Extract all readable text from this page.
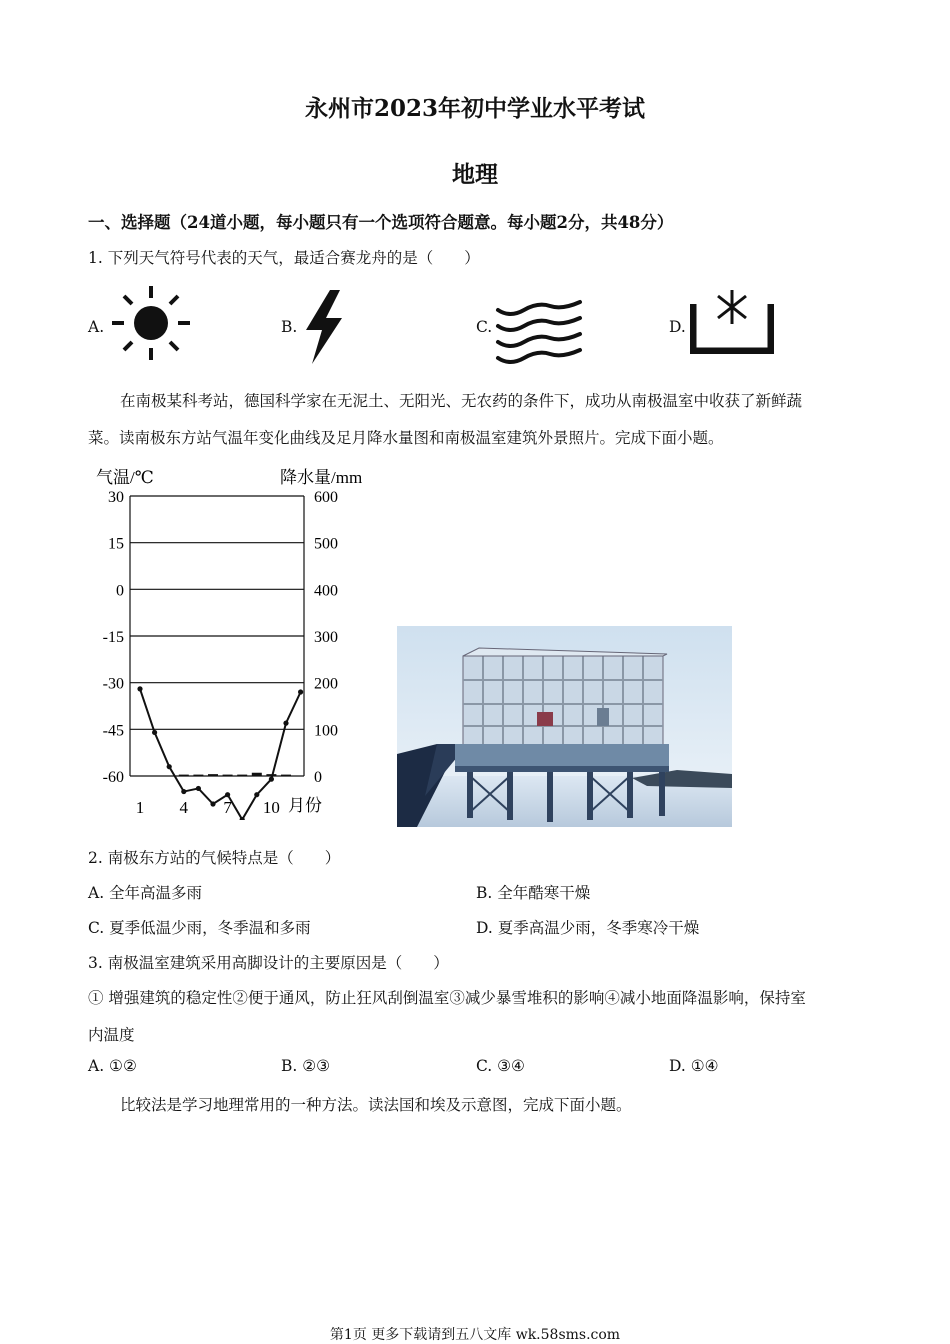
永州市2023年初中学业水平考试
地理
一、选择题（24道小题，每小题只有一个选项符合题意。每小题2分，共48分）
1. 下列天气符号代表的天气，最适合赛龙舟的是（　　）
A.	B.	C.	D.
在南极某科考站，德国科学家在无泥土、无阳光、无农药的条件下，成功从南极温室中收获了新鲜蔬
菜。读南极东方站气温年变化曲线及足月降水量图和南极温室建筑外景照片。完成下面小题。
气温/℃	降水量/mm
30
15
0
-15
-30
-45
-60
600
500
400
300
200
100
0
1 4 7 10 月份
2. 南极东方站的气候特点是（　　）
A. 全年高温多雨	B. 全年酷寒干燥
C. 夏季低温少雨，冬季温和多雨	D. 夏季高温少雨，冬季寒冷干燥
3. 南极温室建筑采用高脚设计的主要原因是（　　）
① 增强建筑的稳定性②便于通风，防止狂风刮倒温室③减少暴雪堆积的影响④减小地面降温影响，保持室
内温度
A. ①②	B. ②③	C. ③④	D. ①④
比较法是学习地理常用的一种方法。读法国和埃及示意图，完成下面小题。
第1页 更多下载请到五八文库 wk.58sms.com
